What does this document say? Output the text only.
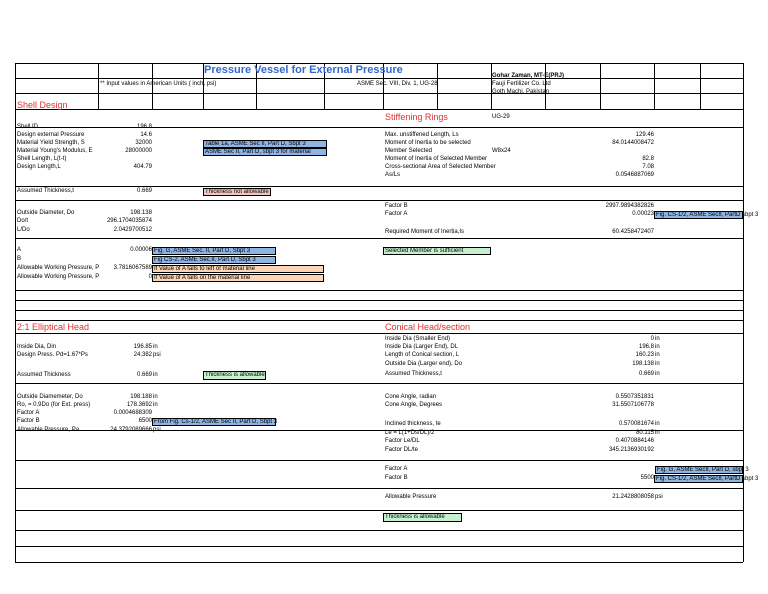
Pressure Vessel for External Pressure
** Input values in American Units ( inch, psi)	ASME Sec. VIII, Div. 1, UG-28
Gohar Zaman, MT-E(PRJ)
Fauji Fertilizer Co. Ltd
Goth Machi, Pakistan
Shell Design
Shell ID	196.8
Design external Pressure	14.6
Material Yield Strength, S	32000	Table 1a, ASME Sec II, Part D, Sbpt 3
Material Young's Modulus, E	28000000	ASME Sec II, Part D, sbpt 3 for material
Shell Length, L(t-t)
Design Length,L	404.79
Assumed Thickness,t	0.669	Thickness not allowable
Outside Diameter, Do	198.138
Do/t	296.1704035874
L/Do	2.0429700512
A	0.00006 Fig. G, ASME Sec. II, Part D, Sbpt 3
B	Fig CS-2, ASME Sec.II, Part D, Sbpt 3
Allowable Working Pressure, P	3.7816067589 If Value of A falls to left of material line
Allowable Working Pressure, P	0 If Value of A falls on the material line
Stiffening Rings	UG-29
Max. unstiffened Length, Ls	129.46
Moment of Inertia to be selected	84.0144008472
Member Selected	W8x24
Moment of Inertia of Selected Member	82.8
Cross-sectional Area of Selected Member	7.08
As/Ls	0.0546887069
Factor B	2997.9894382826
Factor A	0.00023 Fig. CS-1/2, ASME SecII, PartD sbpt 3
Required Moment of Inertia,Is	60.4258472407
Selected Member is sufficient
2:1 Elliptical Head
Inside Dia, Din	196.85 in
Design Press. Pd=1.67*Ps	24.382 psi
Assumed Thickness	0.669 in	Thickness is allowable
Outside Diamemeter, Do	198.188 in
Ro, = 0.9Do (for Ext. press)	178.3692 in
Factor A	0.0004688309
Factor B	6500 From Fig. Cs-1/2, ASME Sec II, Part D, Sbpt 3
Allowable Pressure, Pa	24.3792089666 psi
Conical Head/section
Inside Dia (Smaller End)	0 in
Inside Dia (Larger End), DL	196.8 in
Length of Conical section, L	160.23 in
Outside Dia (Larger end), Do	198.138 in
Assumed Thickness,t	0.669 in
Cone Angle, radian	0.5507351831
Cone Angle, Degrees	31.5507106778
Inclined thickness, te	0.570081674 in
Le = L(1+Ds/DL)/2	80.115 in
Factor Le/DL	0.4070884146
Factor DL/te	345.2136930192
Factor A	Fig. G, ASME SecII, Part D, sbpt 3
Factor B	5500 Fig. CS-1/2, ASME SecII, PartD sbpt 3
Allowable Pressure	21.2428808058 psi
Thickness is allowable
